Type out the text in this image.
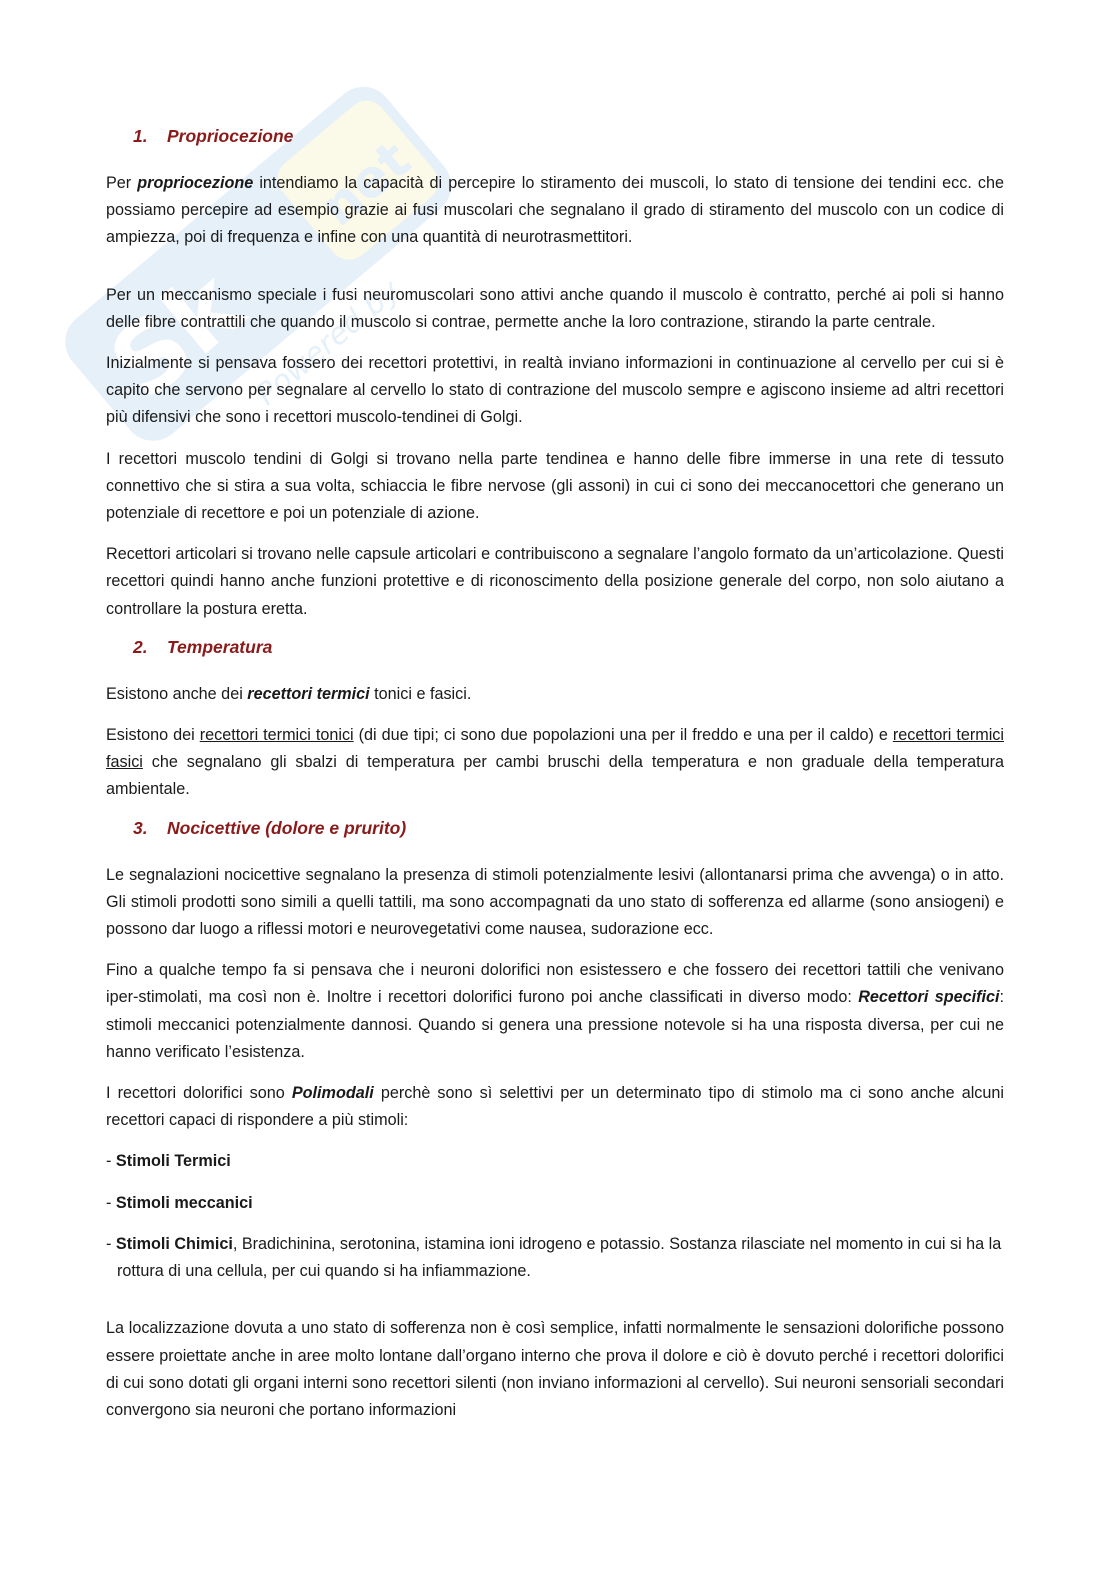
Sk
net
Powered by
1.	Propriocezione

Per propriocezione intendiamo la capacità di percepire lo stiramento dei muscoli, lo stato di tensione dei tendini ecc. che possiamo percepire ad esempio grazie ai fusi muscolari che segnalano il grado di stiramento del muscolo con un codice di ampiezza, poi di frequenza e infine con una quantità di neurotrasmettitori.

Per un meccanismo speciale i fusi neuromuscolari sono attivi anche quando il muscolo è contratto, perché ai poli si hanno delle fibre contrattili che quando il muscolo si contrae, permette anche la loro contrazione, stirando la parte centrale.

Inizialmente si pensava fossero dei recettori protettivi, in realtà inviano informazioni in continuazione al cervello per cui si è capito che servono per segnalare al cervello lo stato di contrazione del muscolo sempre e agiscono insieme ad altri recettori più difensivi che sono i recettori muscolo-tendinei di Golgi.

I recettori muscolo tendini di Golgi si trovano nella parte tendinea e hanno delle fibre immerse in una rete di tessuto connettivo che si stira a sua volta, schiaccia le fibre nervose (gli assoni) in cui ci sono dei meccanocettori che generano un potenziale di recettore e poi un potenziale di azione.

Recettori articolari si trovano nelle capsule articolari e contribuiscono a segnalare l’angolo formato da un’articolazione. Questi recettori quindi hanno anche funzioni protettive e di riconoscimento della posizione generale del corpo, non solo aiutano a controllare la postura eretta.

2.	Temperatura

Esistono anche dei recettori termici tonici e fasici.

Esistono dei recettori termici tonici (di due tipi; ci sono due popolazioni una per il freddo e una per il caldo) e recettori termici fasici che segnalano gli sbalzi di temperatura per cambi bruschi della temperatura e non graduale della temperatura ambientale.

3.	Nocicettive (dolore e prurito)

Le segnalazioni nocicettive segnalano la presenza di stimoli potenzialmente lesivi (allontanarsi prima che avvenga) o in atto. Gli stimoli prodotti sono simili a quelli tattili, ma sono accompagnati da uno stato di sofferenza ed allarme (sono ansiogeni) e possono dar luogo a riflessi motori e neurovegetativi come nausea, sudorazione ecc.

Fino a qualche tempo fa si pensava che i neuroni dolorifici non esistessero e che fossero dei recettori tattili che venivano iper-stimolati, ma così non è. Inoltre i recettori dolorifici furono poi anche classificati in diverso modo: Recettori specifici: stimoli meccanici potenzialmente dannosi. Quando si genera una pressione notevole si ha una risposta diversa, per cui ne hanno verificato l’esistenza.

I recettori dolorifici sono Polimodali perchè sono sì selettivi per un determinato tipo di stimolo ma ci sono anche alcuni recettori capaci di rispondere a più stimoli:

- Stimoli Termici
- Stimoli meccanici
- Stimoli Chimici, Bradichinina, serotonina, istamina ioni idrogeno e potassio. Sostanza rilasciate nel momento in cui si ha la rottura di una cellula, per cui quando si ha infiammazione.

La localizzazione dovuta a uno stato di sofferenza non è così semplice, infatti normalmente le sensazioni dolorifiche possono essere proiettate anche in aree molto lontane dall’organo interno che prova il dolore e ciò è dovuto perché i recettori dolorifici di cui sono dotati gli organi interni sono recettori silenti (non inviano informazioni al cervello). Sui neuroni sensoriali secondari convergono sia neuroni che portano informazioni
